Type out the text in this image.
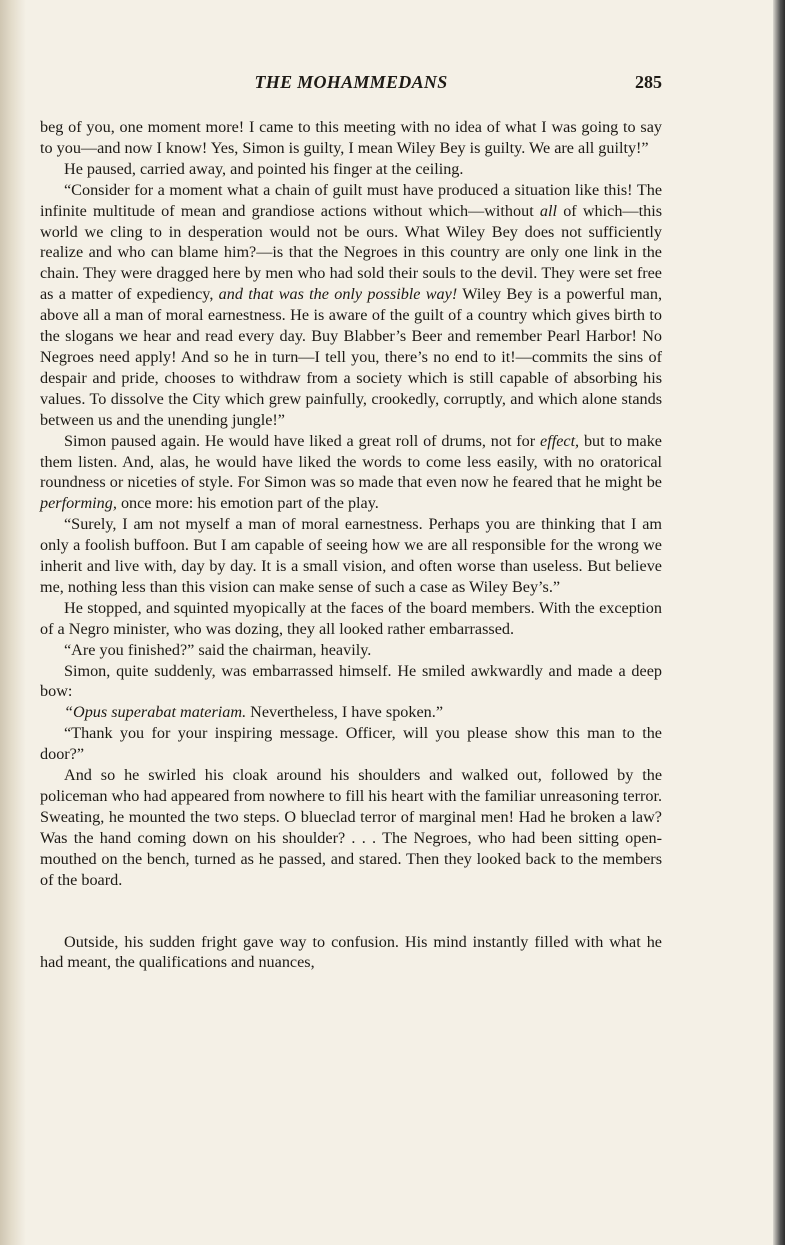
THE MOHAMMEDANS	285

beg of you, one moment more! I came to this meeting with no idea of what I was going to say to you—and now I know! Yes, Simon is guilty, I mean Wiley Bey is guilty. We are all guilty!”

He paused, carried away, and pointed his finger at the ceiling.

“Consider for a moment what a chain of guilt must have produced a situation like this! The infinite multitude of mean and grandiose actions without which—without all of which—this world we cling to in desperation would not be ours. What Wiley Bey does not sufficiently realize and who can blame him?—is that the Negroes in this country are only one link in the chain. They were dragged here by men who had sold their souls to the devil. They were set free as a matter of expediency, and that was the only possible way! Wiley Bey is a powerful man, above all a man of moral earnestness. He is aware of the guilt of a country which gives birth to the slogans we hear and read every day. Buy Blabber’s Beer and remember Pearl Harbor! No Negroes need apply! And so he in turn—I tell you, there’s no end to it!—commits the sins of despair and pride, chooses to withdraw from a society which is still capable of absorbing his values. To dissolve the City which grew painfully, crookedly, corruptly, and which alone stands between us and the unending jungle!”

Simon paused again. He would have liked a great roll of drums, not for effect, but to make them listen. And, alas, he would have liked the words to come less easily, with no oratorical roundness or niceties of style. For Simon was so made that even now he feared that he might be performing, once more: his emotion part of the play.

“Surely, I am not myself a man of moral earnestness. Perhaps you are thinking that I am only a foolish buffoon. But I am capable of seeing how we are all responsible for the wrong we inherit and live with, day by day. It is a small vision, and often worse than useless. But believe me, nothing less than this vision can make sense of such a case as Wiley Bey’s.”

He stopped, and squinted myopically at the faces of the board members. With the exception of a Negro minister, who was dozing, they all looked rather embarrassed.

“Are you finished?” said the chairman, heavily.

Simon, quite suddenly, was embarrassed himself. He smiled awkwardly and made a deep bow:

“Opus superabat materiam. Nevertheless, I have spoken.”

“Thank you for your inspiring message. Officer, will you please show this man to the door?”

And so he swirled his cloak around his shoulders and walked out, followed by the policeman who had appeared from nowhere to fill his heart with the familiar unreasoning terror. Sweating, he mounted the two steps. O blueclad terror of marginal men! Had he broken a law? Was the hand coming down on his shoulder? . . . The Negroes, who had been sitting open-mouthed on the bench, turned as he passed, and stared. Then they looked back to the members of the board.

Outside, his sudden fright gave way to confusion. His mind instantly filled with what he had meant, the qualifications and nuances,
